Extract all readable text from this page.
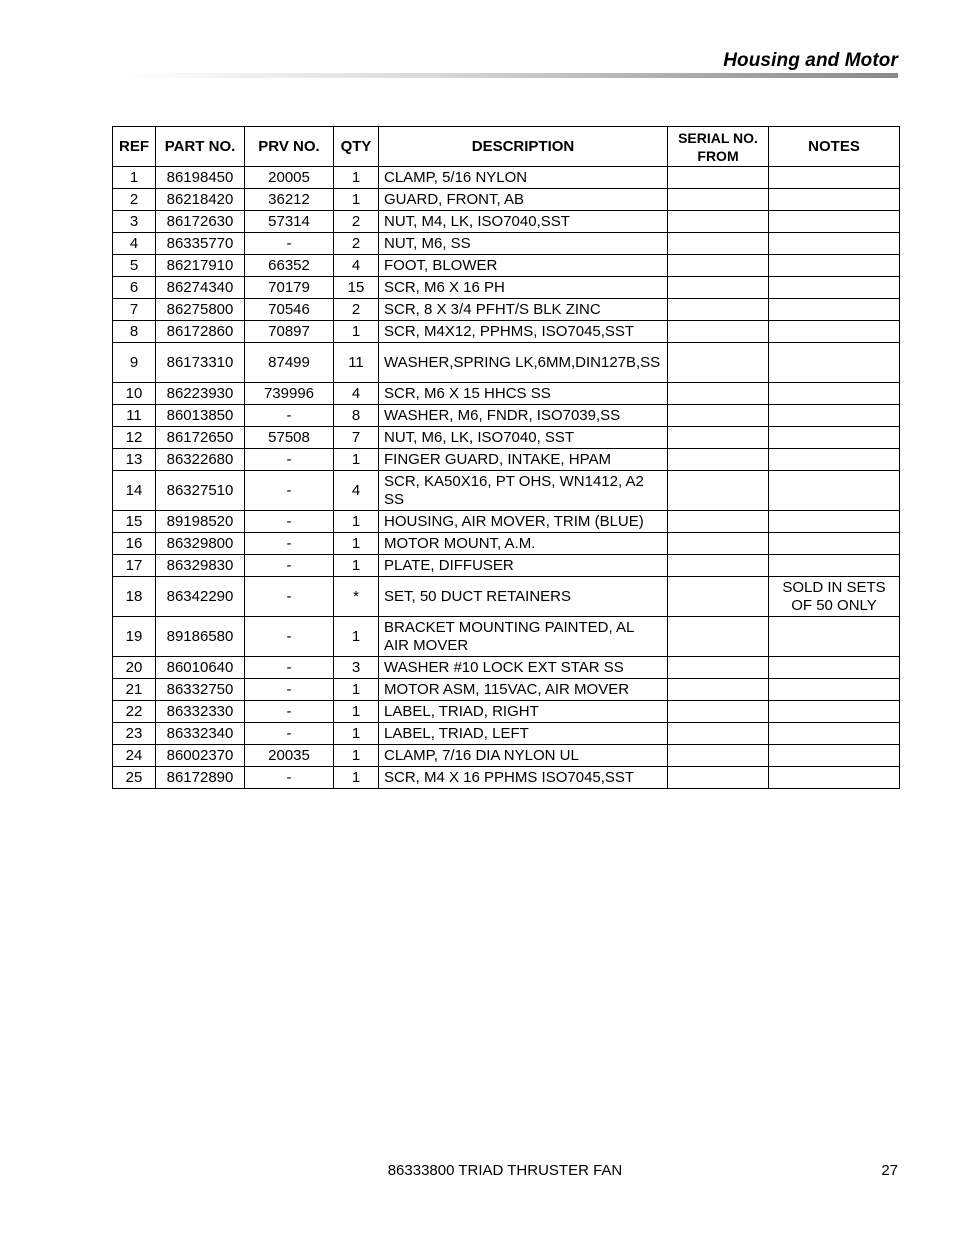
Housing and Motor
REF	PART NO.	PRV NO.	QTY	DESCRIPTION	SERIAL NO. FROM	NOTES
1	86198450	20005	1	CLAMP, 5/16 NYLON		
2	86218420	36212	1	GUARD, FRONT, AB		
3	86172630	57314	2	NUT, M4, LK, ISO7040,SST		
4	86335770	-	2	NUT, M6, SS		
5	86217910	66352	4	FOOT, BLOWER		
6	86274340	70179	15	SCR, M6 X 16 PH		
7	86275800	70546	2	SCR, 8 X 3/4 PFHT/S BLK ZINC		
8	86172860	70897	1	SCR, M4X12, PPHMS, ISO7045,SST		
9	86173310	87499	11	WASHER,SPRING LK,6MM,DIN127B,SS		
10	86223930	739996	4	SCR, M6 X 15 HHCS SS		
11	86013850	-	8	WASHER, M6, FNDR, ISO7039,SS		
12	86172650	57508	7	NUT, M6, LK, ISO7040, SST		
13	86322680	-	1	FINGER GUARD, INTAKE, HPAM		
14	86327510	-	4	SCR, KA50X16, PT OHS, WN1412, A2 SS		
15	89198520	-	1	HOUSING, AIR MOVER, TRIM (BLUE)		
16	86329800	-	1	MOTOR MOUNT, A.M.		
17	86329830	-	1	PLATE, DIFFUSER		
18	86342290	-	*	SET, 50 DUCT RETAINERS		SOLD IN SETS OF 50 ONLY
19	89186580	-	1	BRACKET MOUNTING PAINTED, AL AIR MOVER		
20	86010640	-	3	WASHER #10 LOCK EXT STAR SS		
21	86332750	-	1	MOTOR ASM, 115VAC, AIR MOVER		
22	86332330	-	1	LABEL, TRIAD, RIGHT		
23	86332340	-	1	LABEL, TRIAD, LEFT		
24	86002370	20035	1	CLAMP, 7/16 DIA NYLON UL		
25	86172890	-	1	SCR, M4 X 16 PPHMS ISO7045,SST		
86333800 TRIAD THRUSTER FAN	27
